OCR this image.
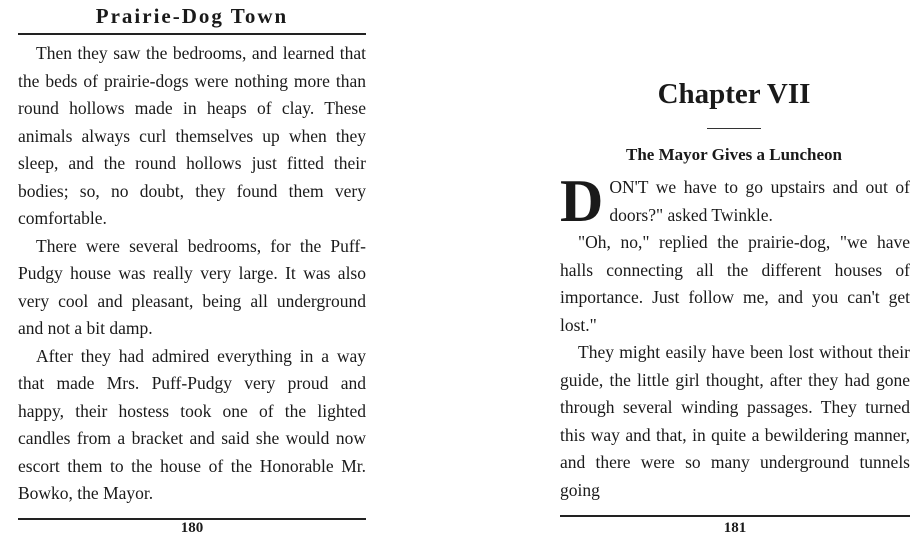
Prairie-Dog Town

Then they saw the bedrooms, and learned that the beds of prairie-dogs were nothing more than round hollows made in heaps of clay. These animals always curl themselves up when they sleep, and the round hollows just fitted their bodies; so, no doubt, they found them very comfortable.

There were several bedrooms, for the Puff-Pudgy house was really very large. It was also very cool and pleasant, being all underground and not a bit damp.

After they had admired everything in a way that made Mrs. Puff-Pudgy very proud and happy, their hostess took one of the lighted candles from a bracket and said she would now escort them to the house of the Honorable Mr. Bowko, the Mayor.

180
Chapter VII
The Mayor Gives a Luncheon

DON'T we have to go upstairs and out of doors?" asked Twinkle.

"Oh, no," replied the prairie-dog, "we have halls connecting all the different houses of importance. Just follow me, and you can't get lost."

They might easily have been lost without their guide, the little girl thought, after they had gone through several winding passages. They turned this way and that, in quite a bewildering manner, and there were so many underground tunnels going

181
